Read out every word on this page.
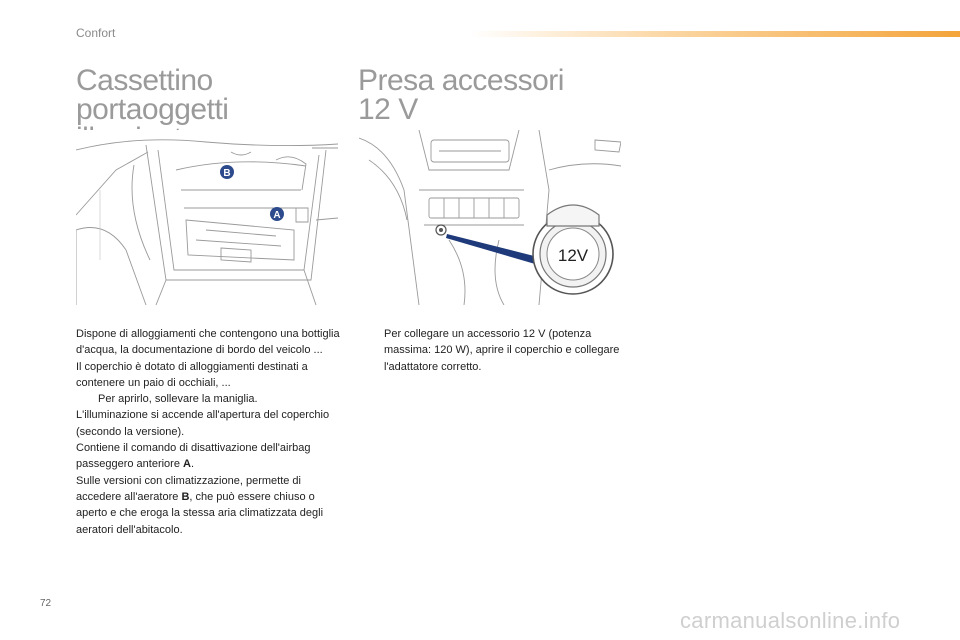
Confort
Cassettino
portaoggetti
Presa accessori
12 V
B
A
12V

Dispone di alloggiamenti che contengono una bottiglia d'acqua, la documentazione di bordo del veicolo ...

Il coperchio è dotato di alloggiamenti destinati a contenere un paio di occhiali, ...

Per aprirlo, sollevare la maniglia.

L'illuminazione si accende all'apertura del coperchio (secondo la versione).

Contiene il comando di disattivazione dell'airbag passeggero anteriore A.

Sulle versioni con climatizzazione, permette di accedere all'aeratore B, che può essere chiuso o aperto e che eroga la stessa aria climatizzata degli aeratori dell'abitacolo.

Per collegare un accessorio 12 V (potenza massima: 120 W), aprire il coperchio e collegare l'adattatore corretto.
72
carmanualsonline.info
